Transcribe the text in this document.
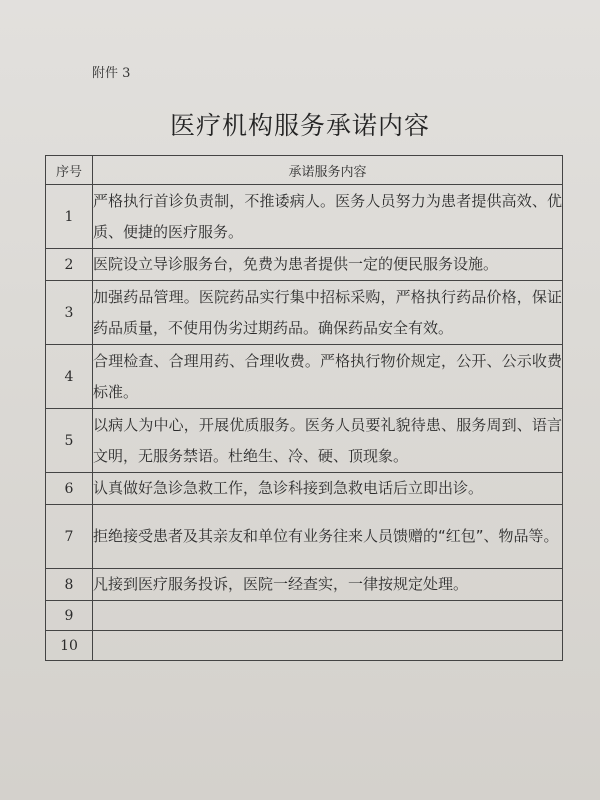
附件 3
医疗机构服务承诺内容
序号	承诺服务内容
1	严格执行首诊负责制，不推诿病人。医务人员努力为患者提供高效、优质、便捷的医疗服务。
2	医院设立导诊服务台，免费为患者提供一定的便民服务设施。
3	加强药品管理。医院药品实行集中招标采购，严格执行药品价格，保证药品质量，不使用伪劣过期药品。确保药品安全有效。
4	合理检查、合理用药、合理收费。严格执行物价规定，公开、公示收费标准。
5	以病人为中心，开展优质服务。医务人员要礼貌待患、服务周到、语言文明，无服务禁语。杜绝生、冷、硬、顶现象。
6	认真做好急诊急救工作，急诊科接到急救电话后立即出诊。
7	拒绝接受患者及其亲友和单位有业务往来人员馈赠的“红包”、物品等。
8	凡接到医疗服务投诉，医院一经查实，一律按规定处理。
9	
10	
